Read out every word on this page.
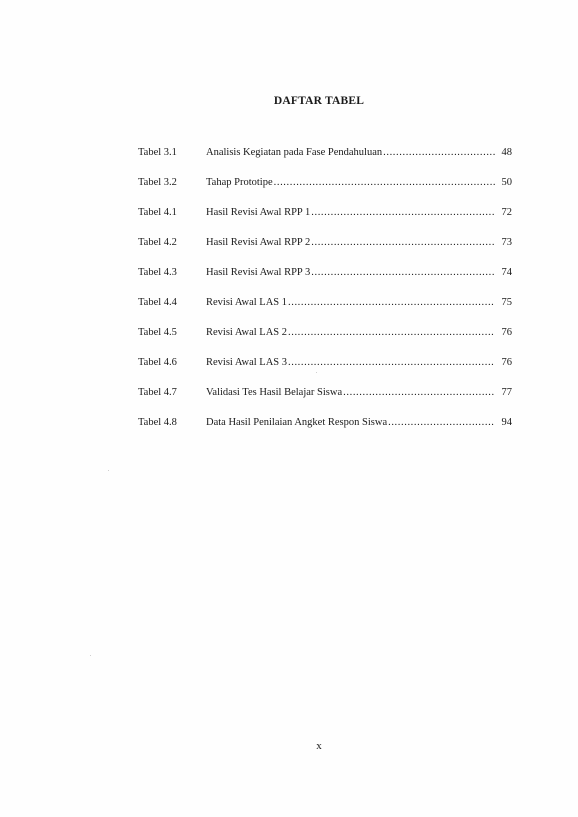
DAFTAR TABEL
Tabel 3.1	Analisis Kegiatan pada Fase Pendahuluan .....	48
Tabel 3.2	Tahap Prototipe .....	50
Tabel 4.1	Hasil Revisi Awal RPP 1 .....	72
Tabel 4.2	Hasil Revisi Awal RPP 2 .....	73
Tabel 4.3	Hasil Revisi Awal RPP 3 .....	74
Tabel 4.4	Revisi Awal LAS 1 .....	75
Tabel 4.5	Revisi Awal LAS 2 .....	76
Tabel 4.6	Revisi Awal LAS 3 .....	76
Tabel 4.7	Validasi Tes Hasil Belajar Siswa .....	77
Tabel 4.8	Data Hasil Penilaian Angket Respon Siswa .....	94
x
